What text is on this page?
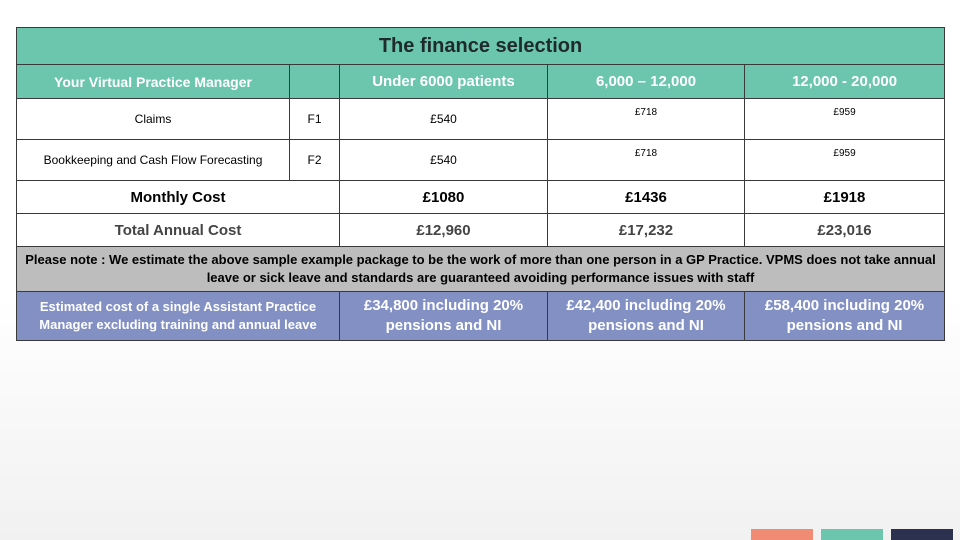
The finance selection				
Your Virtual Practice Manager		Under 6000 patients	6,000 – 12,000	12,000 - 20,000
Claims	F1	£540	£718	£959
Bookkeeping and Cash Flow Forecasting	F2	£540	£718	£959
Monthly Cost		£1080	£1436	£1918
Total Annual Cost		£12,960	£17,232	£23,016
Please note : We estimate the above sample example package to be the work of more than one person in a GP Practice. VPMS does not take annual leave or sick leave and standards are guaranteed avoiding performance issues with staff				
Estimated cost of a single Assistant Practice Manager excluding training and annual leave		£34,800 including 20% pensions and NI	£42,400 including 20% pensions and NI	£58,400 including 20% pensions and NI
